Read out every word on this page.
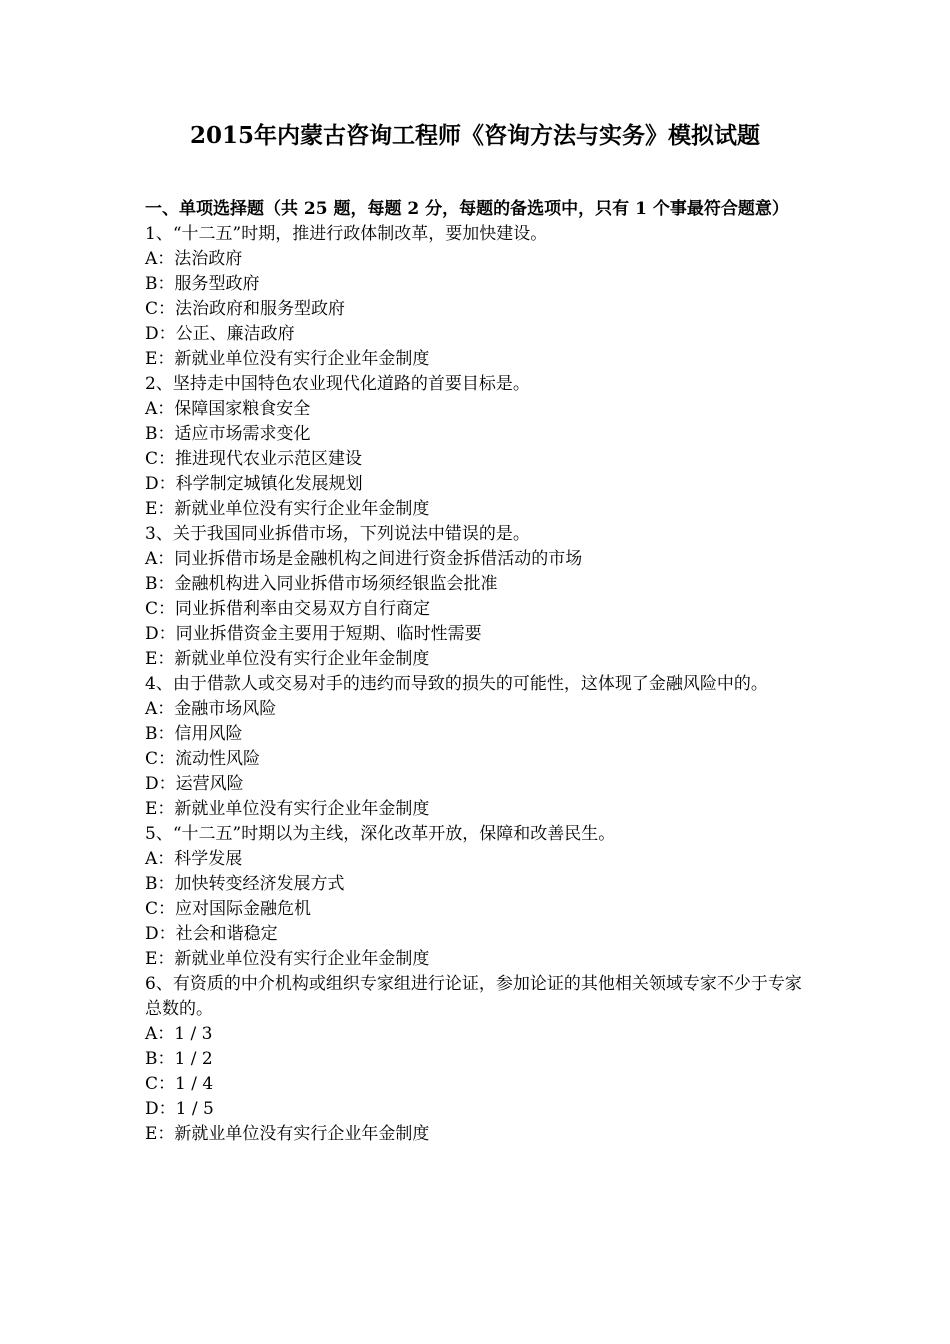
2015年内蒙古咨询工程师《咨询方法与实务》模拟试题
一、单项选择题（共 25 题，每题 2 分，每题的备选项中，只有 1 个事最符合题意）
1、“十二五”时期，推进行政体制改革，要加快建设。
A：法治政府
B：服务型政府
C：法治政府和服务型政府
D：公正、廉洁政府
E：新就业单位没有实行企业年金制度
2、坚持走中国特色农业现代化道路的首要目标是。
A：保障国家粮食安全
B：适应市场需求变化
C：推进现代农业示范区建设
D：科学制定城镇化发展规划
E：新就业单位没有实行企业年金制度
3、关于我国同业拆借市场，下列说法中错误的是。
A：同业拆借市场是金融机构之间进行资金拆借活动的市场
B：金融机构进入同业拆借市场须经银监会批准
C：同业拆借利率由交易双方自行商定
D：同业拆借资金主要用于短期、临时性需要
E：新就业单位没有实行企业年金制度
4、由于借款人或交易对手的违约而导致的损失的可能性，这体现了金融风险中的。
A：金融市场风险
B：信用风险
C：流动性风险
D：运营风险
E：新就业单位没有实行企业年金制度
5、“十二五”时期以为主线，深化改革开放，保障和改善民生。
A：科学发展
B：加快转变经济发展方式
C：应对国际金融危机
D：社会和谐稳定
E：新就业单位没有实行企业年金制度
6、有资质的中介机构或组织专家组进行论证，参加论证的其他相关领域专家不少于专家总数的。
A：1 / 3
B：1 / 2
C：1 / 4
D：1 / 5
E：新就业单位没有实行企业年金制度
